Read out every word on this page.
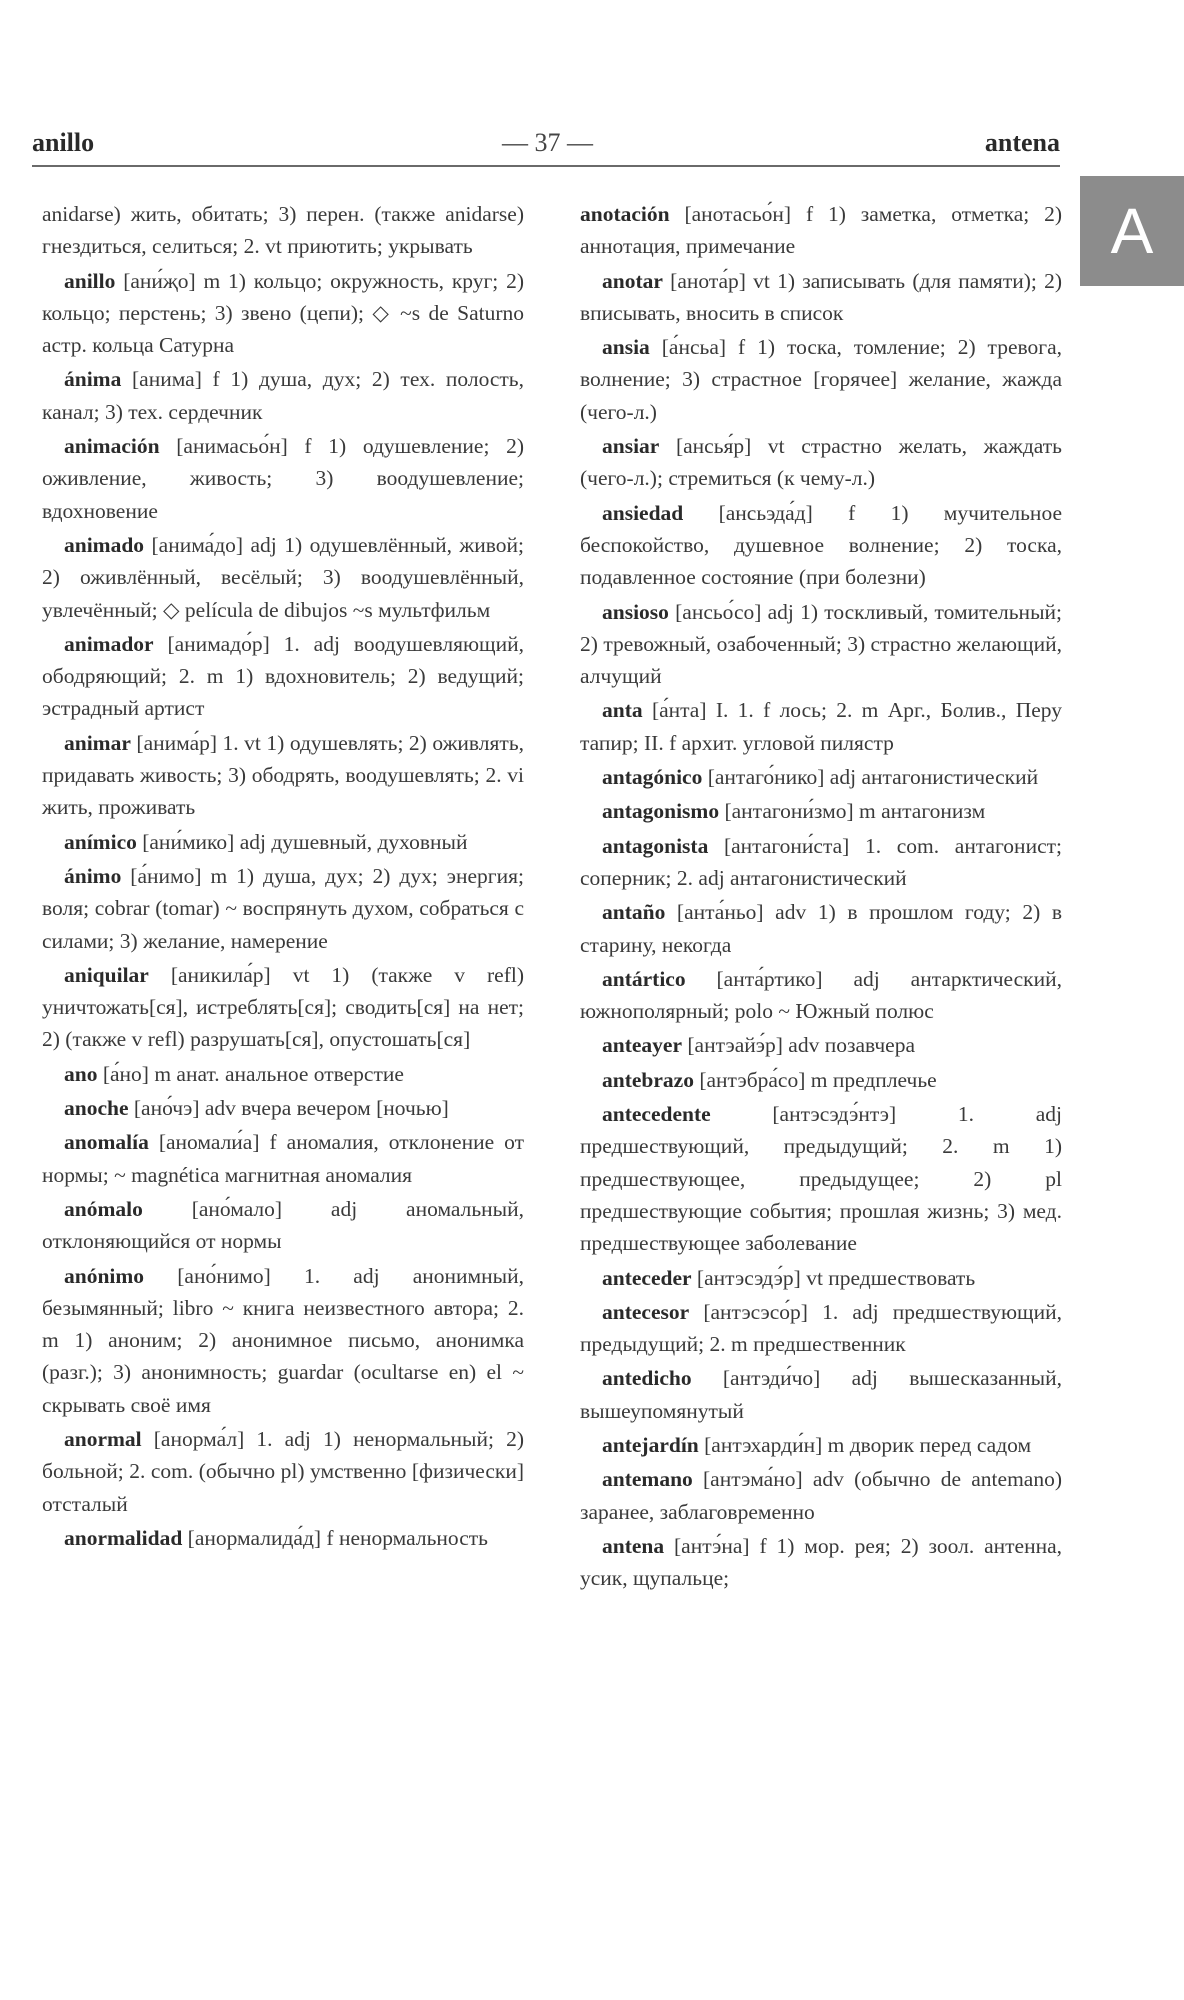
anillo	— 37 —	antena
A

anidarse) жить, обитать; 3) перен. (также anidarse) гнездиться, селиться; 2. vt приютить; укрывать

anillo [ани́җо] m 1) кольцо; окружность, круг; 2) кольцо; перстень; 3) звено (цепи); ◇ ~s de Saturno астр. кольца Сатурна

ánima [анима] f 1) душа, дух; 2) тех. полость, канал; 3) тех. сердечник

animación [анимасьо́н] f 1) одушевление; 2) оживление, живость; 3) воодушевление; вдохновение

animado [анима́до] adj 1) одушевлённый, живой; 2) оживлённый, весёлый; 3) воодушевлённый, увлечённый; ◇ película de dibujos ~s мультфильм

animador [анимадо́р] 1. adj воодушевляющий, ободряющий; 2. m 1) вдохновитель; 2) ведущий; эстрадный артист

animar [анима́р] 1. vt 1) одушевлять; 2) оживлять, придавать живость; 3) ободрять, воодушевлять; 2. vi жить, проживать

anímico [ани́мико] adj душевный, духовный

ánimo [а́нимо] m 1) душа, дух; 2) дух; энергия; воля; cobrar (tomar) ~ воспрянуть духом, собраться с силами; 3) желание, намерение

aniquilar [аникила́р] vt 1) (также v refl) уничтожать[ся], истреблять[ся]; сводить[ся] на нет; 2) (также v refl) разрушать[ся], опустошать[ся]

ano [а́но] m анат. анальное отверстие

anoche [ано́чэ] adv вчера вечером [ночью]

anomalía [аномали́а] f аномалия, отклонение от нормы; ~ magnética магнитная аномалия

anómalo [ано́мало] adj аномальный, отклоняющийся от нормы

anónimo [ано́нимо] 1. adj анонимный, безымянный; libro ~ книга неизвестного автора; 2. m 1) аноним; 2) анонимное письмо, анонимка (разг.); 3) анонимность; guardar (ocultarse en) el ~ скрывать своё имя

anormal [анорма́л] 1. adj 1) ненормальный; 2) больной; 2. com. (обычно pl) умственно [физически] отсталый

anormalidad [анормалида́д] f ненормальность

anotación [анотасьо́н] f 1) заметка, отметка; 2) аннотация, примечание

anotar [анота́р] vt 1) записывать (для памяти); 2) вписывать, вносить в список

ansia [а́нсьа] f 1) тоска, томление; 2) тревога, волнение; 3) страстное [горячее] желание, жажда (чего-л.)

ansiar [ансья́р] vt страстно желать, жаждать (чего-л.); стремиться (к чему-л.)

ansiedad [ансьэда́д] f 1) мучительное беспокойство, душевное волнение; 2) тоска, подавленное состояние (при болезни)

ansioso [ансьо́со] adj 1) тоскливый, томительный; 2) тревожный, озабоченный; 3) страстно желающий, алчущий

anta [а́нта] I. 1. f лось; 2. m Арг., Болив., Перу тапир; II. f архит. угловой пилястр

antagónico [антаго́нико] adj антагонистический

antagonismo [антагони́змо] m антагонизм

antagonista [антагони́ста] 1. com. антагонист; соперник; 2. adj антагонистический

antaño [анта́ньо] adv 1) в прошлом году; 2) в старину, некогда

antártico [анта́ртико] adj антарктический, южнополярный; polo ~ Южный полюс

anteayer [антэайэ́р] adv позавчера

antebrazo [антэбра́со] m предплечье

antecedente [антэсэдэ́нтэ] 1. adj предшествующий, предыдущий; 2. m 1) предшествующее, предыдущее; 2) pl предшествующие события; прошлая жизнь; 3) мед. предшествующее заболевание

anteceder [антэсэдэ́р] vt предшествовать

antecesor [антэсэсо́р] 1. adj предшествующий, предыдущий; 2. m предшественник

antedicho [антэди́чо] adj вышесказанный, вышеупомянутый

antejardín [антэхарди́н] m дворик перед садом

antemano [антэма́но] adv (обычно de antemano) заранее, заблаговременно

antena [антэ́на] f 1) мор. рея; 2) зоол. антенна, усик, щупальце;
